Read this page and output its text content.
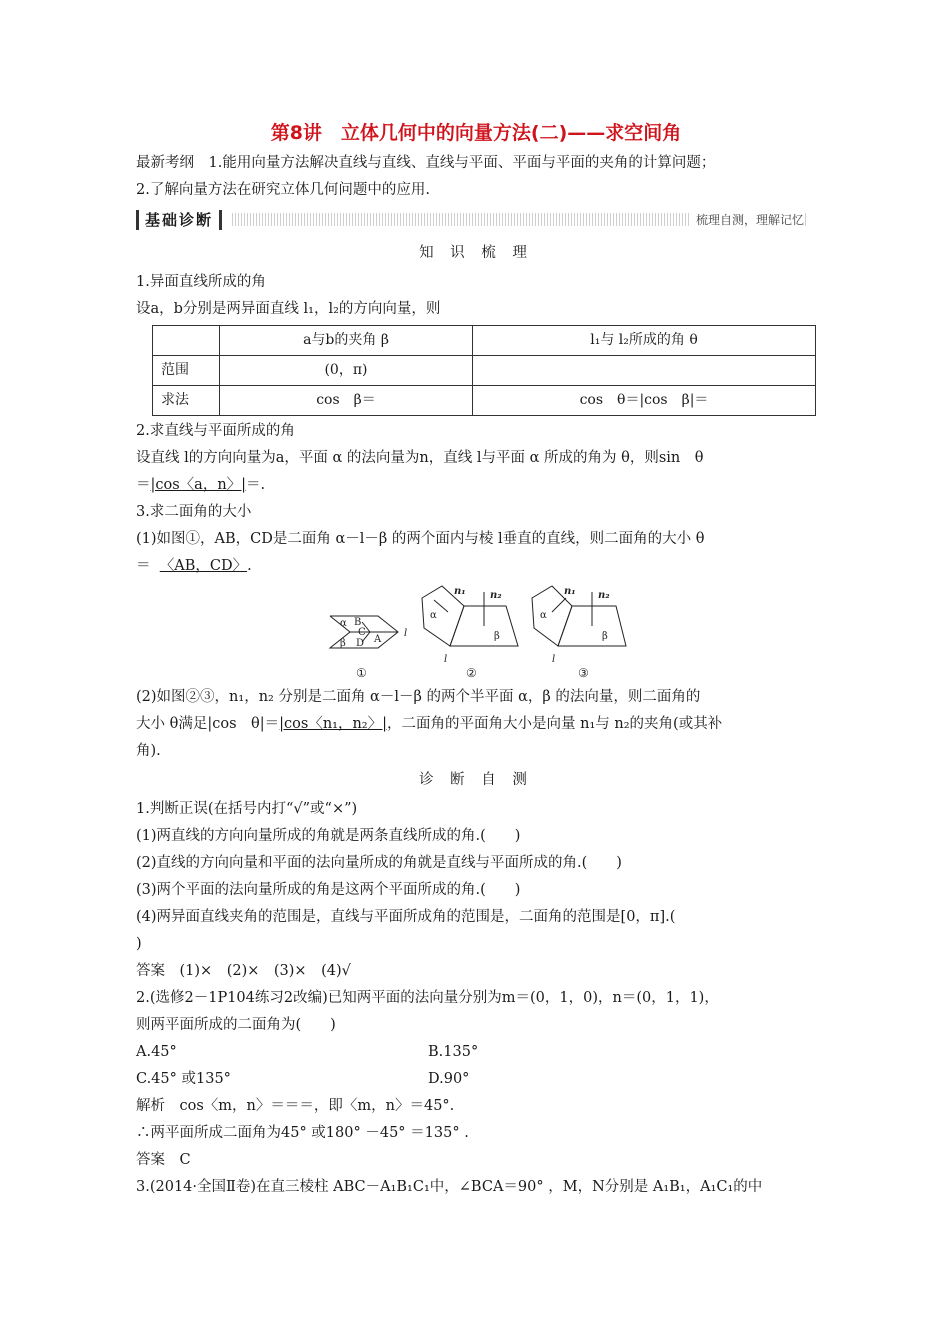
第8讲　立体几何中的向量方法(二)——求空间角

最新考纲　1.能用向量方法解决直线与直线、直线与平面、平面与平面的夹角的计算问题；

2.了解向量方法在研究立体几何问题中的应用.

基础诊断	梳理自测，理解记忆
知 识 梳 理

1.异面直线所成的角

设a，b分别是两异面直线 l₁，l₂的方向向量，则

	a与b的夹角 β	l₁与 l₂所成的角 θ
范围	(0，π)	
求法	cos　β＝	cos　θ＝|cos　β|＝

2.求直线与平面所成的角

设直线 l的方向向量为a，平面 α 的法向量为n，直线 l与平面 α 所成的角为 θ，则sin　θ

＝|cos〈a，n〉|＝.

3.求二面角的大小

(1)如图①，AB，CD是二面角 α－l－β 的两个面内与棱 l垂直的直线，则二面角的大小 θ

＝ 〈AB，CD〉.

α
β
B
C
D A
l
α
β
l
n₁ n₂
α
β
l
n₁ n₂
①	②	③

(2)如图②③，n₁，n₂ 分别是二面角 α－l－β 的两个半平面 α，β 的法向量，则二面角的

大小 θ满足|cos　θ|＝|cos〈n₁，n₂〉|，二面角的平面角大小是向量 n₁与 n₂的夹角(或其补

角).

诊 断 自 测

1.判断正误(在括号内打“√”或“×”)

(1)两直线的方向向量所成的角就是两条直线所成的角.(　　)

(2)直线的方向向量和平面的法向量所成的角就是直线与平面所成的角.(　　)

(3)两个平面的法向量所成的角是这两个平面所成的角.(　　)

(4)两异面直线夹角的范围是，直线与平面所成角的范围是，二面角的范围是[0，π].(

)

答案　(1)×　(2)×　(3)×　(4)√

2.(选修2－1P104练习2改编)已知两平面的法向量分别为m＝(0，1，0)，n＝(0，1，1)，

则两平面所成的二面角为(　　)

A.45°	B.135°
C.45° 或135°	D.90°

解析　cos〈m，n〉＝＝＝，即〈m，n〉＝45°.

∴两平面所成二面角为45° 或180° －45° ＝135° .

答案　C

3.(2014·全国Ⅱ卷)在直三棱柱 ABC－A₁B₁C₁中，∠BCA＝90° ，M，N分别是 A₁B₁，A₁C₁的中
